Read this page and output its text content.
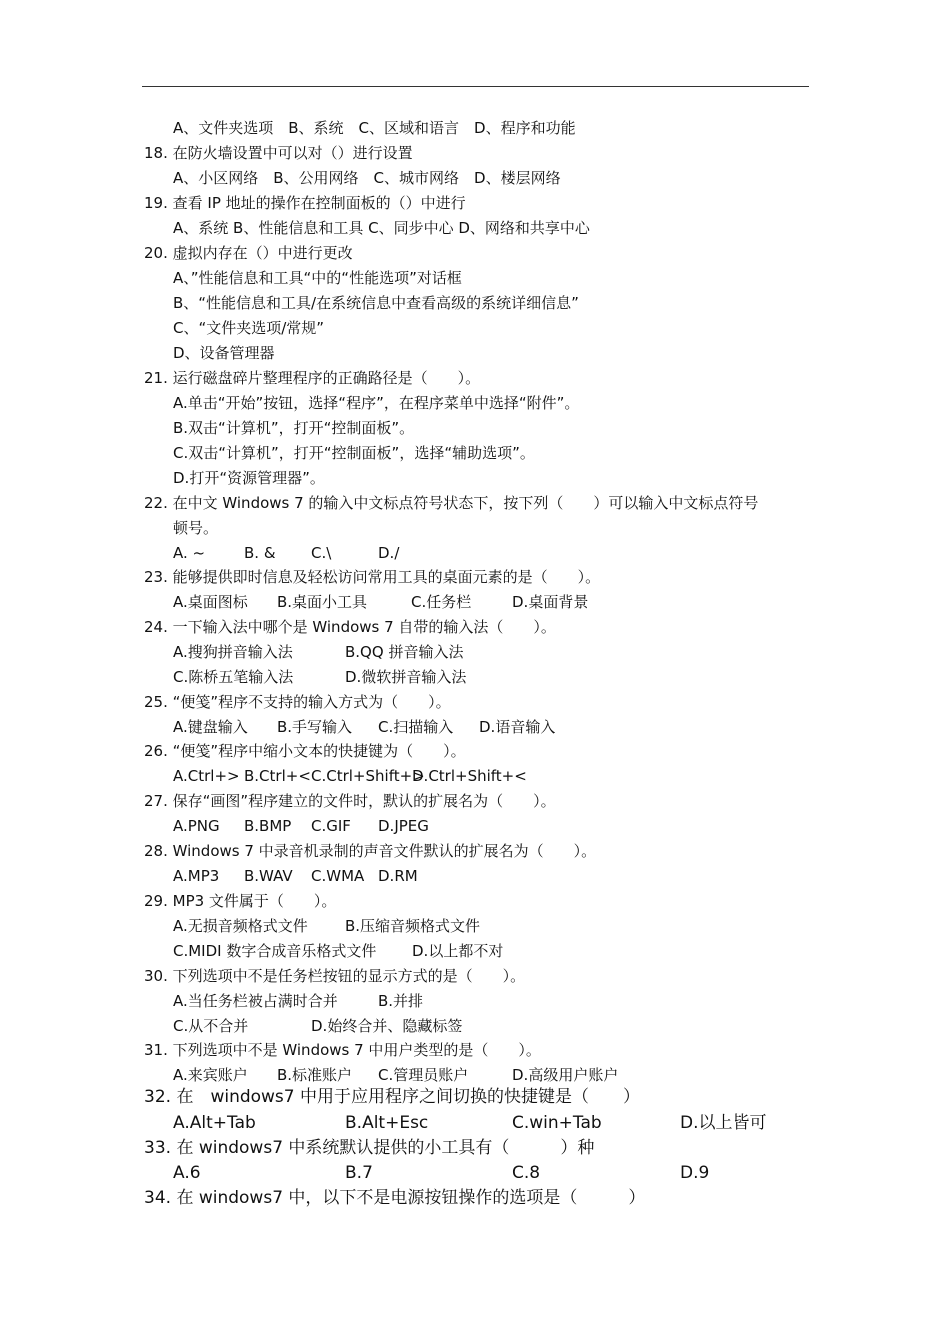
A、文件夹选项　B、系统　C、区域和语言　D、程序和功能
18. 在防火墙设置中可以对（）进行设置
A、小区网络　B、公用网络　C、城市网络　D、楼层网络
19. 查看 IP 地址的操作在控制面板的（）中进行
A、系统 B、性能信息和工具 C、同步中心 D、网络和共享中心
20. 虚拟内存在（）中进行更改
A、”性能信息和工具“中的“性能选项”对话框
B、“性能信息和工具/在系统信息中查看高级的系统详细信息”
C、“文件夹选项/常规”
D、设备管理器
21. 运行磁盘碎片整理程序的正确路径是（　　）。
A.单击“开始”按钮，选择“程序”，在程序菜单中选择“附件”。
B.双击“计算机”，打开“控制面板”。
C.双击“计算机”，打开“控制面板”，选择“辅助选项”。
D.打开“资源管理器”。
22. 在中文 Windows 7 的输入中文标点符号状态下，按下列（　　）可以输入中文标点符号
顿号。
A. ~	B. & C.\	D./
23. 能够提供即时信息及轻松访问常用工具的桌面元素的是（　　）。
A.桌面图标 B.桌面小工具	C.任务栏	D.桌面背景
24. 一下输入法中哪个是 Windows 7 自带的输入法（　　）。
A.搜狗拼音输入法	B.QQ 拼音输入法
C.陈桥五笔输入法	D.微软拼音输入法
25. “便笺”程序不支持的输入方式为（　　）。
A.键盘输入 B.手写输入 C.扫描输入 D.语音输入
26. “便笺”程序中缩小文本的快捷键为（　　）。
A.Ctrl+> B.Ctrl+< C.Ctrl+Shift+>
D.Ctrl+Shift+<
27. 保存“画图”程序建立的文件时，默认的扩展名为（　　）。
A.PNG B.BMP C.GIF D.JPEG
28. Windows 7 中录音机录制的声音文件默认的扩展名为（　　）。
A.MP3 B.WAV C.WMA D.RM
29. MP3 文件属于（　　）。
A.无损音频格式文件 B.压缩音频格式文件
C.MIDI 数字合成音乐格式文件 D.以上都不对
30. 下列选项中不是任务栏按钮的显示方式的是（　　）。
A.当任务栏被占满时合并	B.并排
C.从不合并	D.始终合并、隐藏标签
31. 下列选项中不是 Windows 7 中用户类型的是（　　）。
A.来宾账户 B.标准账户 C.管理员账户	D.高级用户账户
32. 在　windows7 中用于应用程序之间切换的快捷键是（　　）
A.Alt+Tab	B.Alt+Esc	C.win+Tab	D.以上皆可
33. 在 windows7 中系统默认提供的小工具有（　　　）种
A.6	B.7	C.8	D.9
34. 在 windows7 中，以下不是电源按钮操作的选项是（　　　）
